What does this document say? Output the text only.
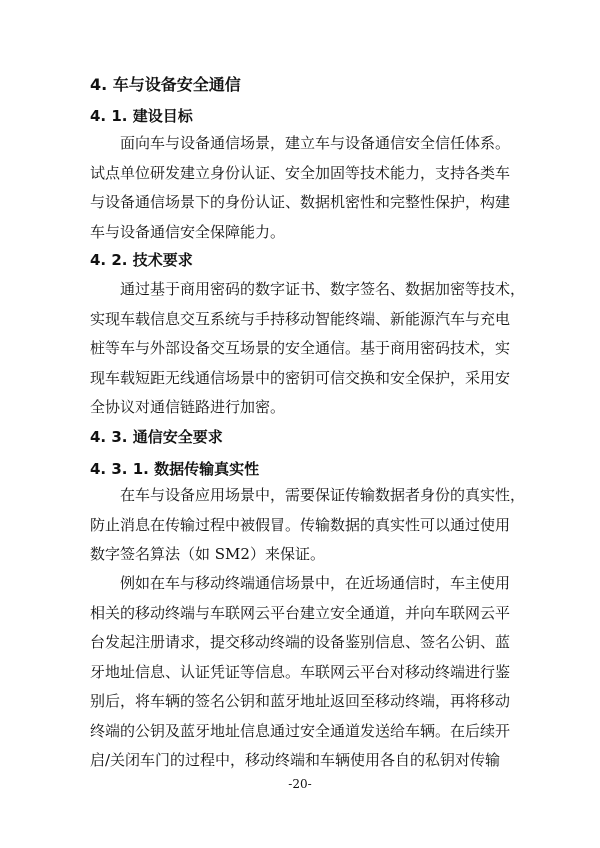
4. 车与设备安全通信
4. 1. 建设目标

面向车与设备通信场景，建立车与设备通信安全信任体系。
试点单位研发建立身份认证、安全加固等技术能力，支持各类车
与设备通信场景下的身份认证、数据机密性和完整性保护，构建
车与设备通信安全保障能力。

4. 2. 技术要求

通过基于商用密码的数字证书、数字签名、数据加密等技术，
实现车载信息交互系统与手持移动智能终端、新能源汽车与充电
桩等车与外部设备交互场景的安全通信。基于商用密码技术，实
现车载短距无线通信场景中的密钥可信交换和安全保护，采用安
全协议对通信链路进行加密。

4. 3. 通信安全要求
4. 3. 1. 数据传输真实性

在车与设备应用场景中，需要保证传输数据者身份的真实性，
防止消息在传输过程中被假冒。传输数据的真实性可以通过使用
数字签名算法（如 SM2）来保证。

例如在车与移动终端通信场景中，在近场通信时，车主使用
相关的移动终端与车联网云平台建立安全通道，并向车联网云平
台发起注册请求，提交移动终端的设备鉴别信息、签名公钥、蓝
牙地址信息、认证凭证等信息。车联网云平台对移动终端进行鉴
别后，将车辆的签名公钥和蓝牙地址返回至移动终端，再将移动
终端的公钥及蓝牙地址信息通过安全通道发送给车辆。在后续开
启/关闭车门的过程中，移动终端和车辆使用各自的私钥对传输

-20-
